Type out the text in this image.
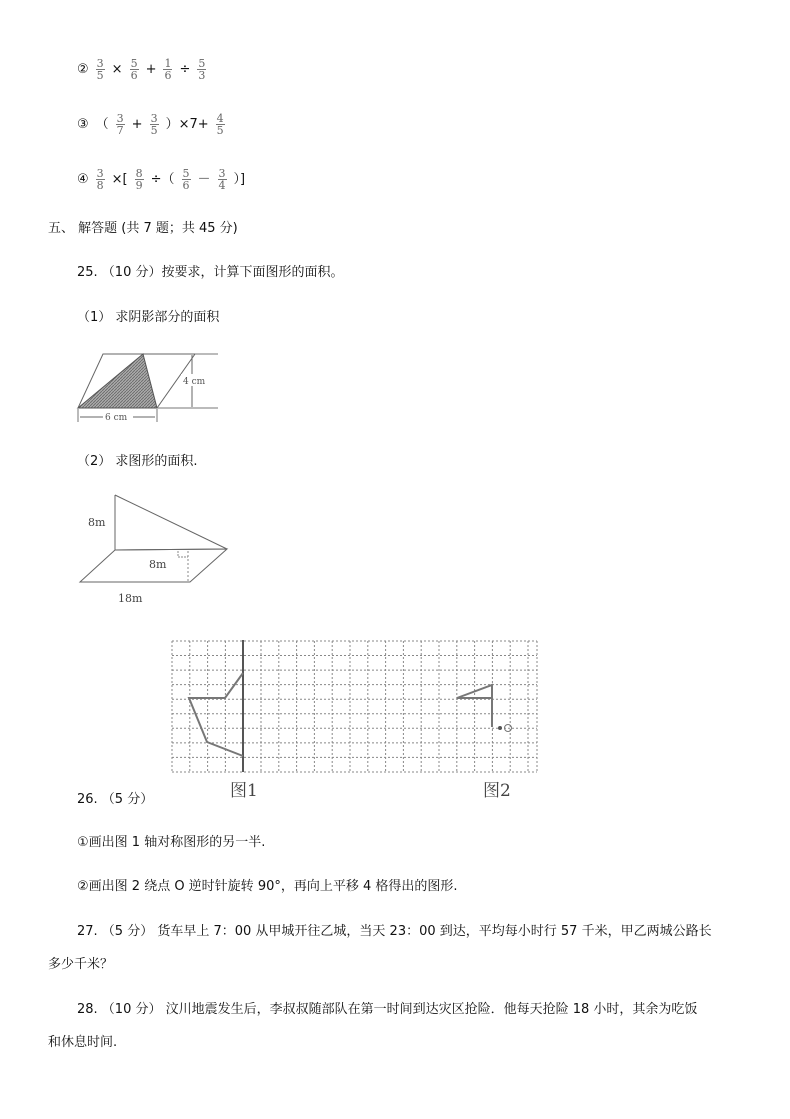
② $\frac{3}{5} \times \frac{5}{6} + \frac{1}{6} \div \frac{5}{3}$
③ （ $\frac{3}{7} + \frac{3}{5} )\times 7+ \frac{4}{5}$
④ $\frac{3}{8}$ ×[ $\frac{8}{9}$ ÷（ $\frac{5}{6} - \frac{3}{4}$ ）]
五、 解答题 (共 7 题；共 45 分)
25. （10 分）按要求，计算下面图形的面积。
（1） 求阴影部分的面积
4 cm
6 cm
（2） 求图形的面积.
8m
8m
18m
图1	图2
26. （5 分）
①画出图 1 轴对称图形的另一半.
②画出图 2 绕点 O 逆时针旋转 90°，再向上平移 4 格得出的图形.
27. （5 分） 货车早上 7：00 从甲城开往乙城，当天 23：00 到达，平均每小时行 57 千米，甲乙两城公路长
多少千米？
28. （10 分） 汶川地震发生后，李叔叔随部队在第一时间到达灾区抢险．他每天抢险 18 小时，其余为吃饭
和休息时间.
